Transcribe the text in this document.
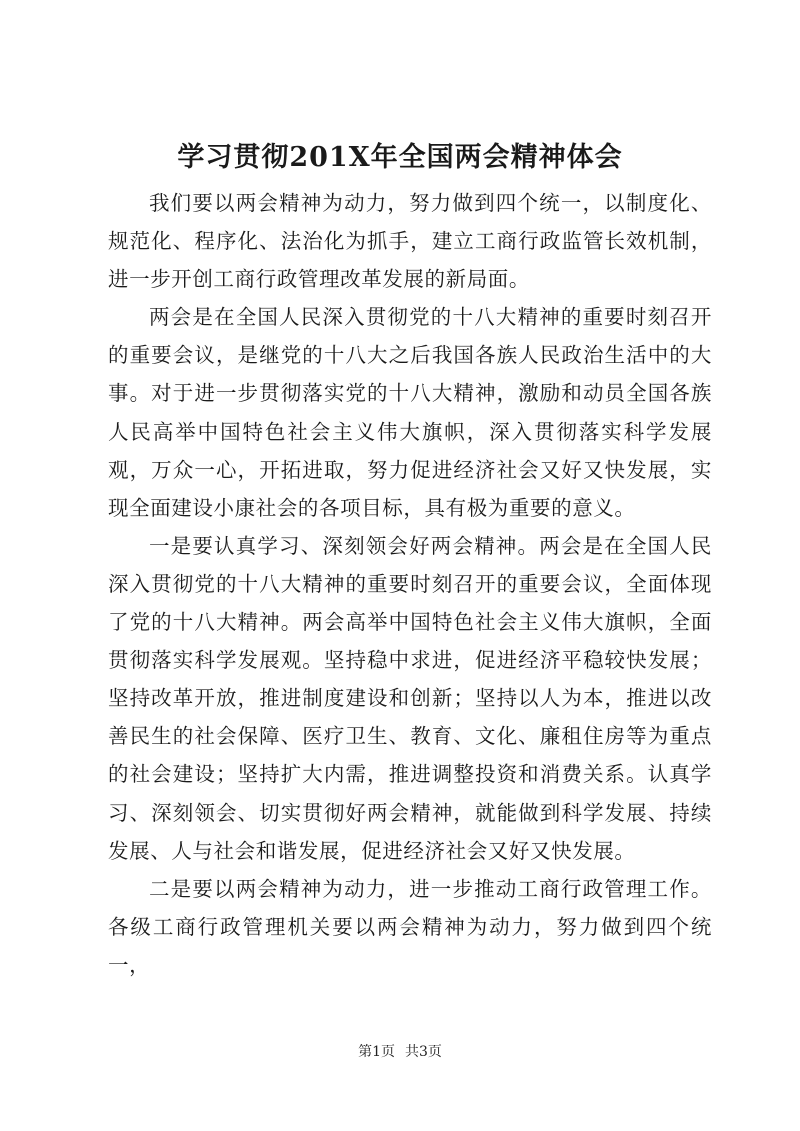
学习贯彻201X年全国两会精神体会

我们要以两会精神为动力，努力做到四个统一，以制度化、规范化、程序化、法治化为抓手，建立工商行政监管长效机制，进一步开创工商行政管理改革发展的新局面。

两会是在全国人民深入贯彻党的十八大精神的重要时刻召开的重要会议，是继党的十八大之后我国各族人民政治生活中的大事。对于进一步贯彻落实党的十八大精神，激励和动员全国各族人民高举中国特色社会主义伟大旗帜，深入贯彻落实科学发展观，万众一心，开拓进取，努力促进经济社会又好又快发展，实现全面建设小康社会的各项目标，具有极为重要的意义。

一是要认真学习、深刻领会好两会精神。两会是在全国人民深入贯彻党的十八大精神的重要时刻召开的重要会议，全面体现了党的十八大精神。两会高举中国特色社会主义伟大旗帜，全面贯彻落实科学发展观。坚持稳中求进，促进经济平稳较快发展；坚持改革开放，推进制度建设和创新；坚持以人为本，推进以改善民生的社会保障、医疗卫生、教育、文化、廉租住房等为重点的社会建设；坚持扩大内需，推进调整投资和消费关系。认真学习、深刻领会、切实贯彻好两会精神，就能做到科学发展、持续发展、人与社会和谐发展，促进经济社会又好又快发展。

二是要以两会精神为动力，进一步推动工商行政管理工作。各级工商行政管理机关要以两会精神为动力，努力做到四个统一，

第1页 共3页
